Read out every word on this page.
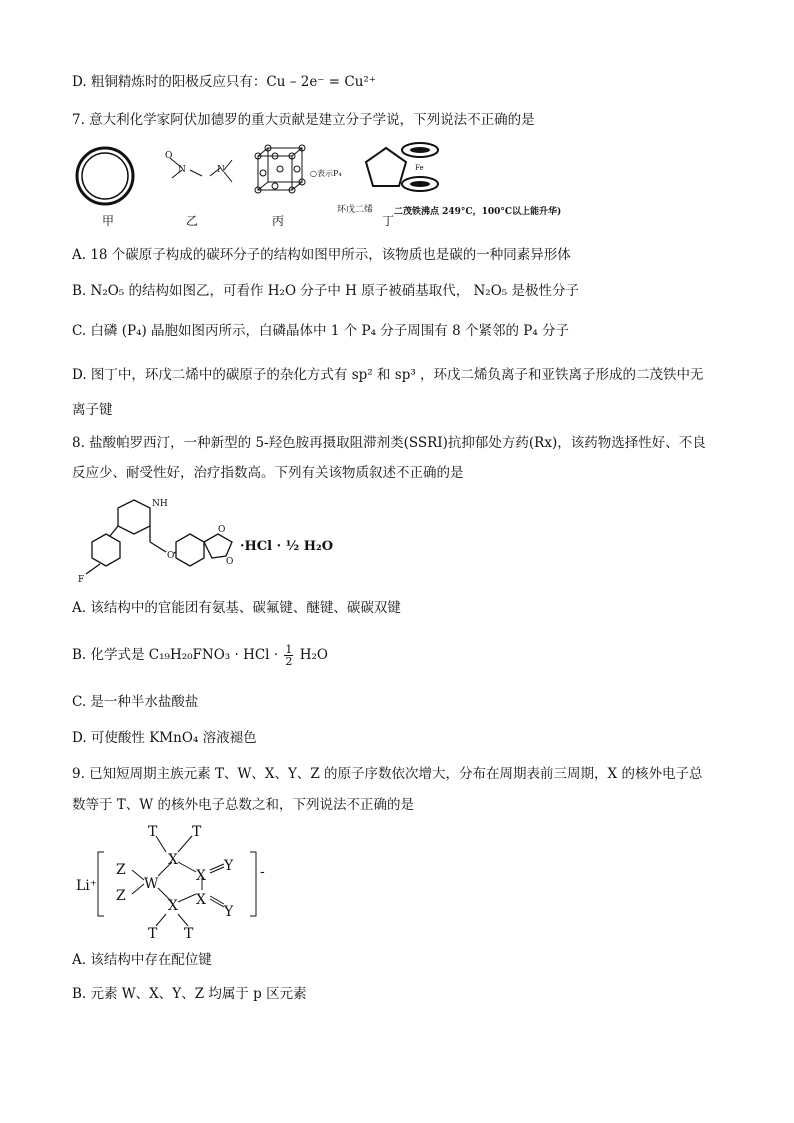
D. 粗铜精炼时的阳极反应只有：Cu – 2e⁻ = Cu²⁺
7. 意大利化学家阿伏加德罗的重大贡献是建立分子学说，下列说法不正确的是
O
N	N	○表示P₄
环戊二烯
Fe
二茂铁沸点 249°C，100°C以上能升华)
甲	乙	丙	丁
A. 18 个碳原子构成的碳环分子的结构如图甲所示，该物质也是碳的一种同素异形体
B. N₂O₅ 的结构如图乙，可看作 H₂O 分子中 H 原子被硝基取代， N₂O₅ 是极性分子
C. 白磷 (P₄) 晶胞如图丙所示，白磷晶体中 1 个 P₄ 分子周围有 8 个紧邻的 P₄ 分子
D. 图丁中，环戊二烯中的碳原子的杂化方式有 sp² 和 sp³ ，环戊二烯负离子和亚铁离子形成的二茂铁中无
离子键
8. 盐酸帕罗西汀，一种新型的 5-羟色胺再摄取阻滞剂类(SSRI)抗抑郁处方药(Rx)，该药物选择性好、不良
反应少、耐受性好，治疗指数高。下列有关该物质叙述不正确的是
NH
F
O
O
O
·HCl · ½ H₂O
A. 该结构中的官能团有氨基、碳氟键、醚键、碳碳双键
B. 化学式是 C₁₉H₂₀FNO₃ · HCl · $\frac{1}{2} H_2O$
C. 是一种半水盐酸盐
D. 可使酸性 KMnO₄ 溶液褪色
9. 已知短周期主族元素 T、W、X、Y、Z 的原子序数依次增大，分布在周期表前三周期，X 的核外电子总
数等于 T、W 的核外电子总数之和，下列说法不正确的是
Li⁺	W
Z
Z
X
X
X
X
Y
Y
T T
T T
-
A. 该结构中存在配位键
B. 元素 W、X、Y、Z 均属于 p 区元素
